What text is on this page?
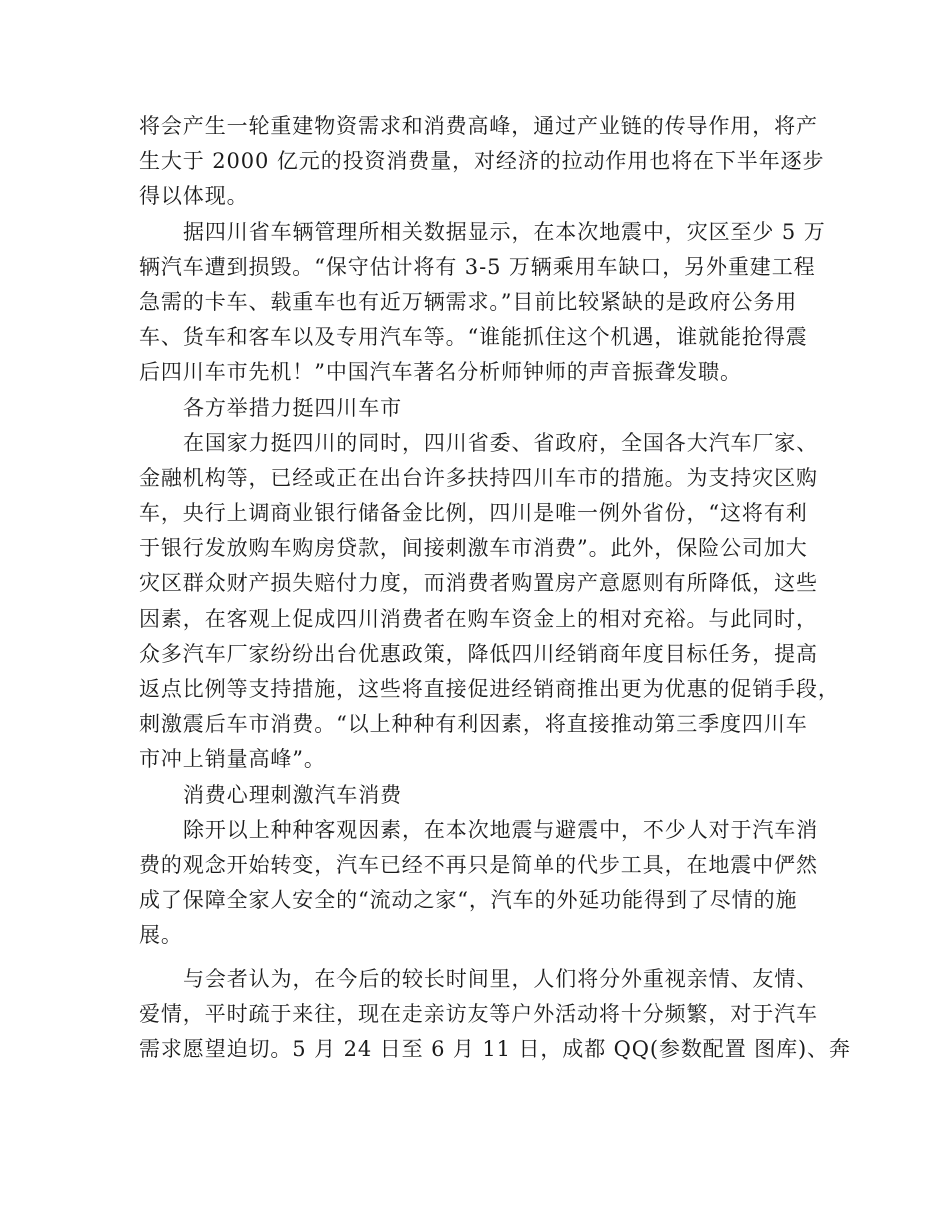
将会产生一轮重建物资需求和消费高峰，通过产业链的传导作用，将产
生大于 2000 亿元的投资消费量，对经济的拉动作用也将在下半年逐步
得以体现。
据四川省车辆管理所相关数据显示，在本次地震中，灾区至少 5 万
辆汽车遭到损毁。“保守估计将有 3-5 万辆乘用车缺口，另外重建工程
急需的卡车、载重车也有近万辆需求。”目前比较紧缺的是政府公务用
车、货车和客车以及专用汽车等。“谁能抓住这个机遇，谁就能抢得震
后四川车市先机！”中国汽车著名分析师钟师的声音振聋发聩。
各方举措力挺四川车市
在国家力挺四川的同时，四川省委、省政府，全国各大汽车厂家、
金融机构等，已经或正在出台许多扶持四川车市的措施。为支持灾区购
车，央行上调商业银行储备金比例，四川是唯一例外省份，“这将有利
于银行发放购车购房贷款，间接刺激车市消费”。此外，保险公司加大
灾区群众财产损失赔付力度，而消费者购置房产意愿则有所降低，这些
因素，在客观上促成四川消费者在购车资金上的相对充裕。与此同时，
众多汽车厂家纷纷出台优惠政策，降低四川经销商年度目标任务，提高
返点比例等支持措施，这些将直接促进经销商推出更为优惠的促销手段，
刺激震后车市消费。“以上种种有利因素，将直接推动第三季度四川车
市冲上销量高峰”。
消费心理刺激汽车消费
除开以上种种客观因素，在本次地震与避震中，不少人对于汽车消
费的观念开始转变，汽车已经不再只是简单的代步工具，在地震中俨然
成了保障全家人安全的“流动之家“，汽车的外延功能得到了尽情的施
展。
与会者认为，在今后的较长时间里，人们将分外重视亲情、友情、
爱情，平时疏于来往，现在走亲访友等户外活动将十分频繁，对于汽车
需求愿望迫切。5 月 24 日至 6 月 11 日，成都 QQ(参数配置 图库)、奔
